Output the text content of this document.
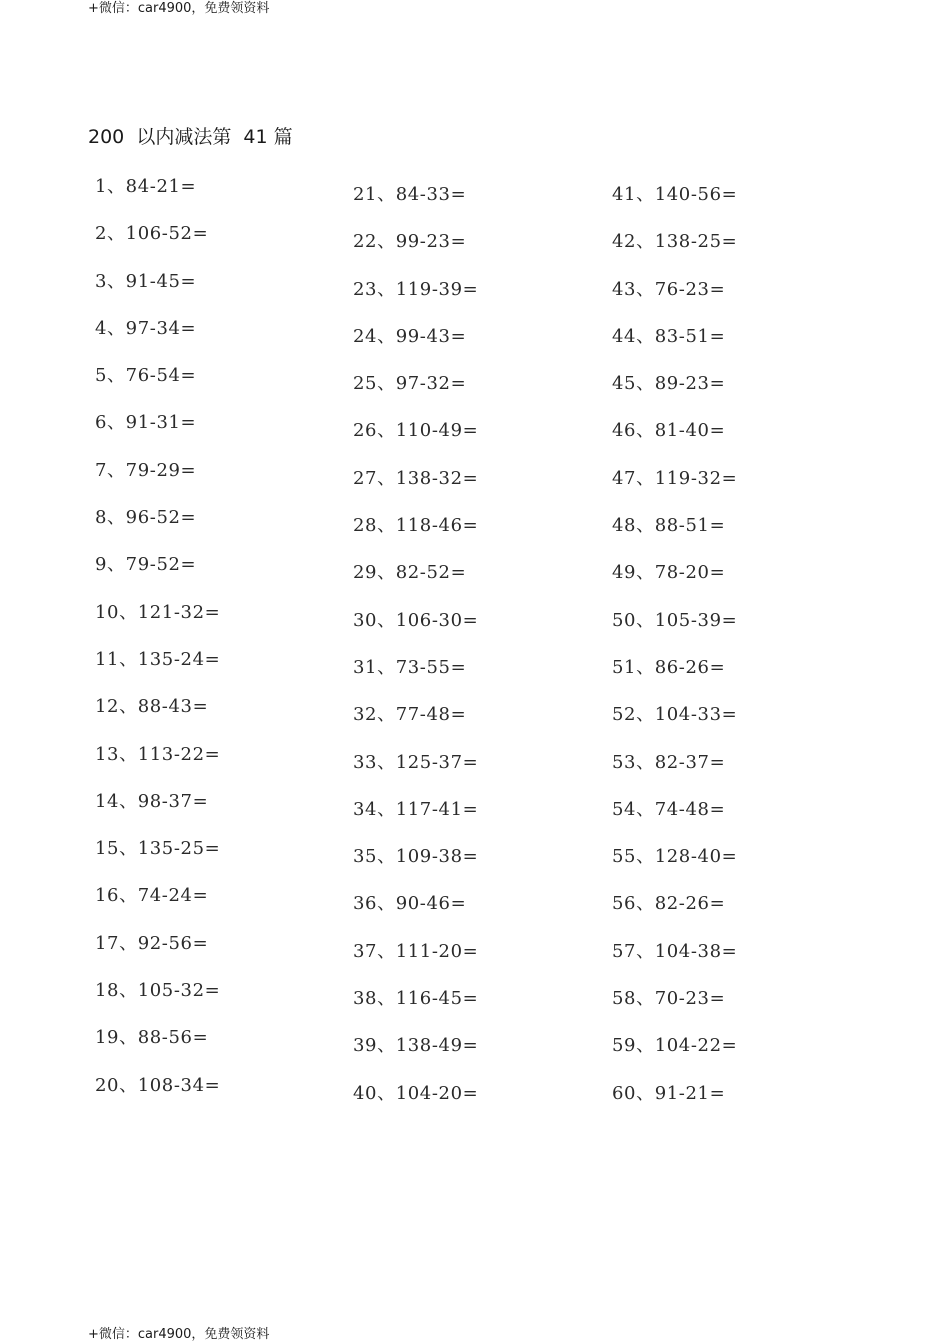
+微信：car4900，免费领资料
200  以内减法第  41 篇
1、84-21=
2、106-52=
3、91-45=
4、97-34=
5、76-54=
6、91-31=
7、79-29=
8、96-52=
9、79-52=
10、121-32=
11、135-24=
12、88-43=
13、113-22=
14、98-37=
15、135-25=
16、74-24=
17、92-56=
18、105-32=
19、88-56=
20、108-34=
21、84-33=
22、99-23=
23、119-39=
24、99-43=
25、97-32=
26、110-49=
27、138-32=
28、118-46=
29、82-52=
30、106-30=
31、73-55=
32、77-48=
33、125-37=
34、117-41=
35、109-38=
36、90-46=
37、111-20=
38、116-45=
39、138-49=
40、104-20=
41、140-56=
42、138-25=
43、76-23=
44、83-51=
45、89-23=
46、81-40=
47、119-32=
48、88-51=
49、78-20=
50、105-39=
51、86-26=
52、104-33=
53、82-37=
54、74-48=
55、128-40=
56、82-26=
57、104-38=
58、70-23=
59、104-22=
60、91-21=
+微信：car4900，免费领资料
